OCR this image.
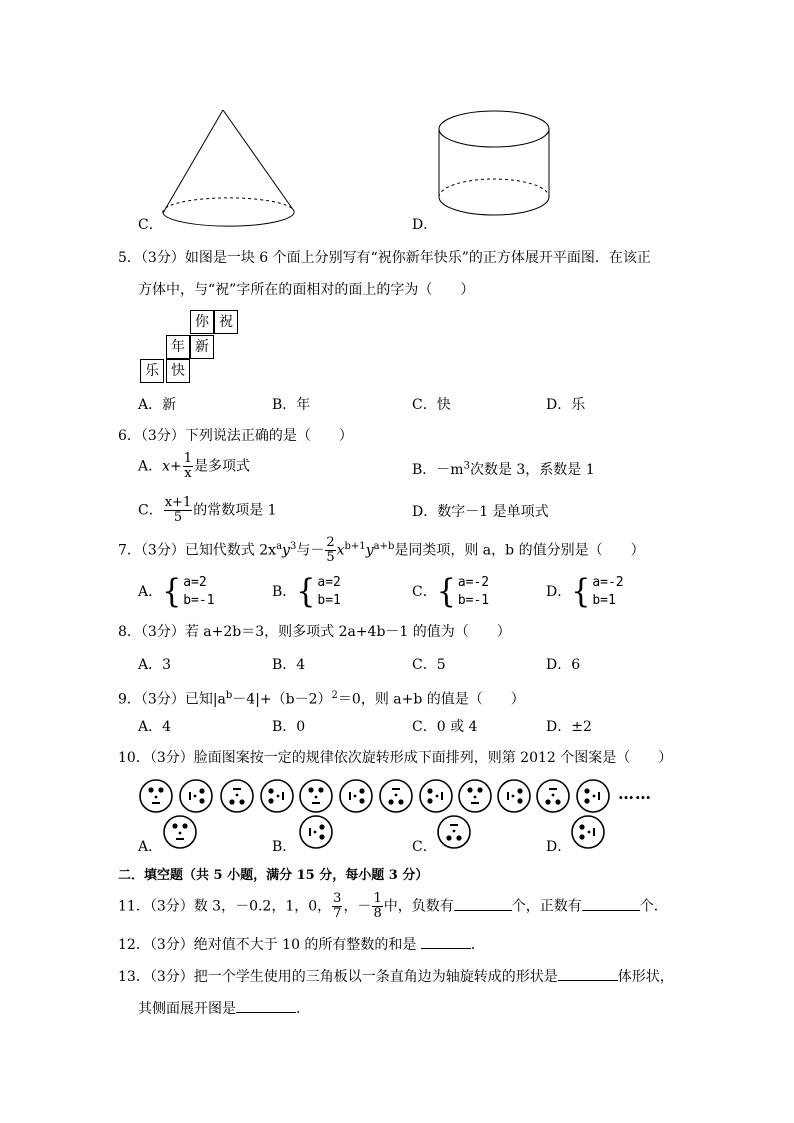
C．	D．
5．（3分）如图是一块 6 个面上分别写有“祝你新年快乐”的正方体展开平面图．在该正
方体中，与“祝”字所在的面相对的面上的字为（　　）
你 祝
年 新
乐 快
A．新	B．年	C．快	D．乐
6．（3分）下列说法正确的是（　　）
A．$x+ \frac{1}{x}$ 是多项式	B．$-m^3$次数是 3，系数是 1
C． $\frac{x+1}{5}$ 的常数项是 1	D．数字－1 是单项式
7．（3分）已知代数式 $2x^ay^3$与－ $\frac{2}{5} x^{b+1}y^{a+b}$是同类项，则 a，b 的值分别是（　　）
A．{ a=2
b=-1
B．{ a=2
b=1
C．{ a=-2
b=-1
D．{ a=-2
b=1
8．（3分）若 a+2b＝3，则多项式 2a+4b－1 的值为（　　）
A．3	B．4	C．5	D．6
9．（3分）已知$|a^b-4|+(b-2)^2=0$，则 a+b 的值是（　　）
A．4	B．0	C．0 或 4	D．±2
10．（3分）脸面图案按一定的规律依次旋转形成下面排列，则第 2012 个图案是（　　）
……
A．	B．	C．	D．
二．填空题（共 5 小题，满分 15 分，每小题 3 分）
11．（3分）数 3，－0.2，1，0， $\frac{3}{7}$ ，－ $\frac{1}{8}$ 中，负数有	个，正数有	个．
12．（3分）绝对值不大于 10 的所有整数的和是	．
13．（3分）把一个学生使用的三角板以一条直角边为轴旋转成的形状是	体形状，
其侧面展开图是	．
